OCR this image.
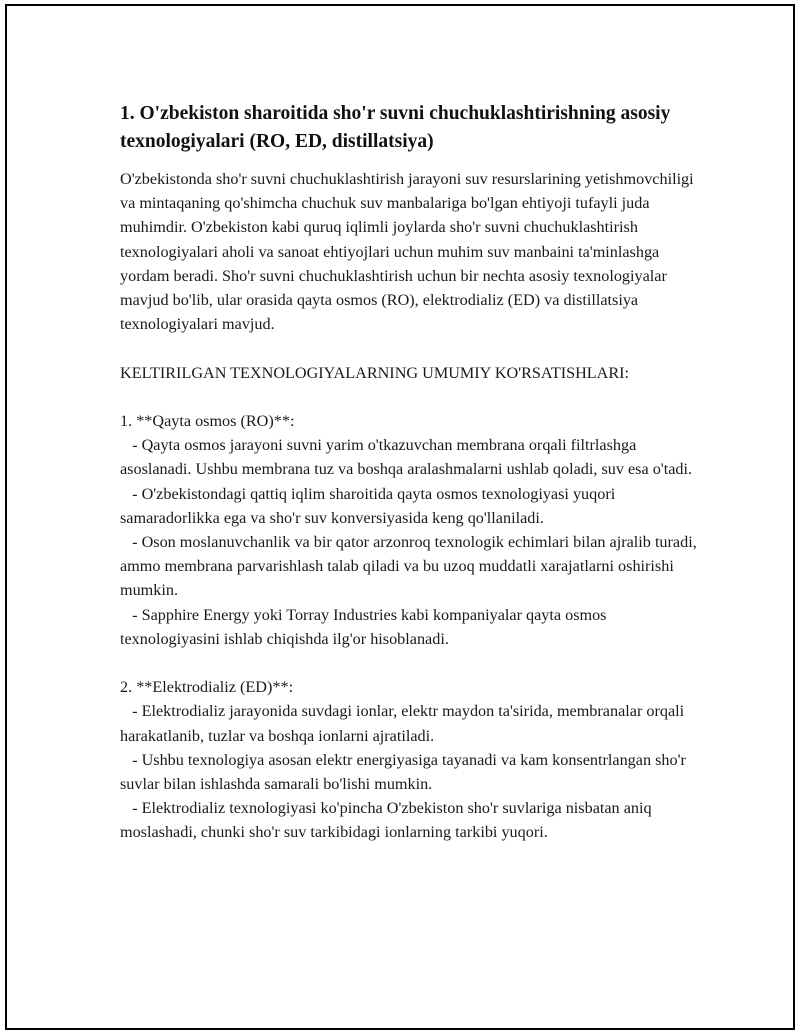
1. O'zbekiston sharoitida sho'r suvni chuchuklashtirishning asosiy texnologiyalari (RO, ED, distillatsiya)

O'zbekistonda sho'r suvni chuchuklashtirish jarayoni suv resurslarining yetishmovchiligi va mintaqaning qo'shimcha chuchuk suv manbalariga bo'lgan ehtiyoji tufayli juda muhimdir. O'zbekiston kabi quruq iqlimli joylarda sho'r suvni chuchuklashtirish texnologiyalari aholi va sanoat ehtiyojlari uchun muhim suv manbaini ta'minlashga yordam beradi. Sho'r suvni chuchuklashtirish uchun bir nechta asosiy texnologiyalar mavjud bo'lib, ular orasida qayta osmos (RO), elektrodializ (ED) va distillatsiya texnologiyalari mavjud.

KELTIRILGAN TEXNOLOGIYALARNING UMUMIY KO'RSATISHLARI:

1. **Qayta osmos (RO)**:

- Qayta osmos jarayoni suvni yarim o'tkazuvchan membrana orqali filtrlashga asoslanadi. Ushbu membrana tuz va boshqa aralashmalarni ushlab qoladi, suv esa o'tadi.

- O'zbekistondagi qattiq iqlim sharoitida qayta osmos texnologiyasi yuqori samaradorlikka ega va sho'r suv konversiyasida keng qo'llaniladi.

- Oson moslanuvchanlik va bir qator arzonroq texnologik echimlari bilan ajralib turadi, ammo membrana parvarishlash talab qiladi va bu uzoq muddatli xarajatlarni oshirishi mumkin.

- Sapphire Energy yoki Torray Industries kabi kompaniyalar qayta osmos texnologiyasini ishlab chiqishda ilg'or hisoblanadi.

2. **Elektrodializ (ED)**:

- Elektrodializ jarayonida suvdagi ionlar, elektr maydon ta'sirida, membranalar orqali harakatlanib, tuzlar va boshqa ionlarni ajratiladi.

- Ushbu texnologiya asosan elektr energiyasiga tayanadi va kam konsentrlangan sho'r suvlar bilan ishlashda samarali bo'lishi mumkin.

- Elektrodializ texnologiyasi ko'pincha O'zbekiston sho'r suvlariga nisbatan aniq moslashadi, chunki sho'r suv tarkibidagi ionlarning tarkibi yuqori.
